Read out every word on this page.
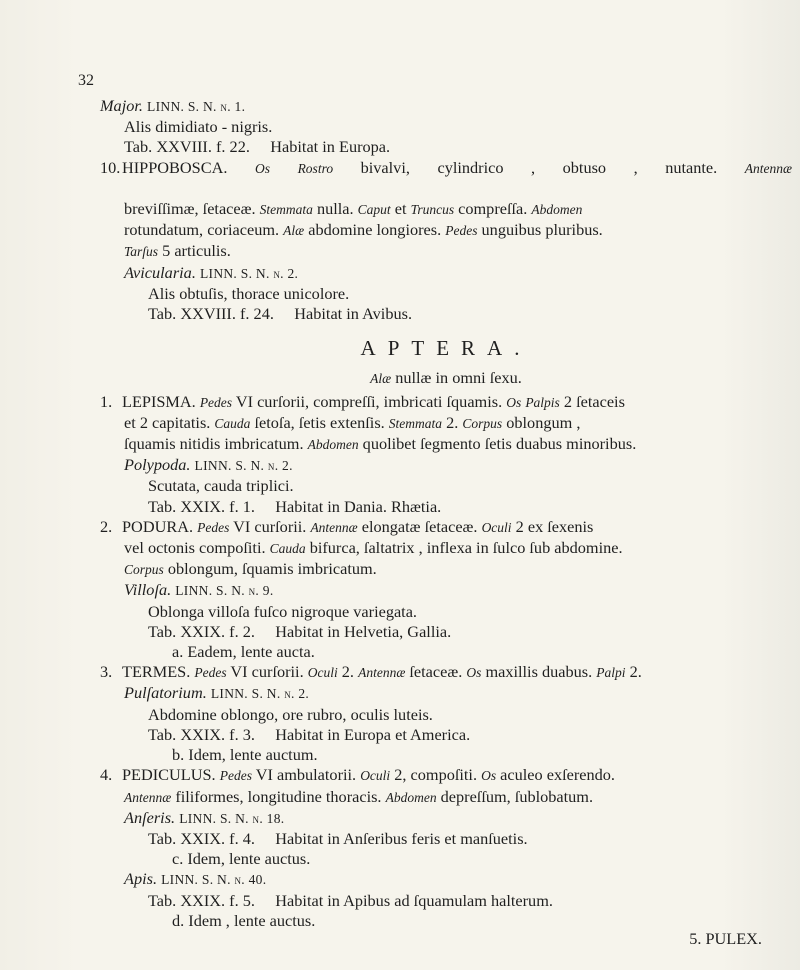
32
Major. LINN. S. N. n. 1.
Alis dimidiato - nigris.
Tab. XXVIII. f. 22. Habitat in Europa.
10. HIPPOBOSCA. Os Rostro bivalvi, cylindrico , obtuso , nutante. Antennæ
breviſſimæ, ſetaceæ. Stemmata nulla. Caput et Truncus compreſſa. Abdomen
rotundatum, coriaceum. Alæ abdomine longiores. Pedes unguibus pluribus.
Tarſus 5 articulis.
Avicularia. LINN. S. N. n. 2.
Alis obtuſis, thorace unicolore.
Tab. XXVIII. f. 24. Habitat in Avibus.
APTERA.
Alæ nullæ in omni ſexu.
1. LEPISMA. Pedes VI curſorii, compreſſi, imbricati ſquamis. Os Palpis 2 ſetaceis
et 2 capitatis. Cauda ſetoſa, ſetis extenſis. Stemmata 2. Corpus oblongum ,
ſquamis nitidis imbricatum. Abdomen quolibet ſegmento ſetis duabus minoribus.
Polypoda. LINN. S. N. n. 2.
Scutata, cauda triplici.
Tab. XXIX. f. 1. Habitat in Dania. Rhætia.
2. PODURA. Pedes VI curſorii. Antennæ elongatæ ſetaceæ. Oculi 2 ex ſexenis
vel octonis compoſiti. Cauda bifurca, ſaltatrix , inflexa in ſulco ſub abdomine.
Corpus oblongum, ſquamis imbricatum.
Villoſa. LINN. S. N. n. 9.
Oblonga villoſa fuſco nigroque variegata.
Tab. XXIX. f. 2. Habitat in Helvetia, Gallia.
a. Eadem, lente aucta.
3. TERMES. Pedes VI curſorii. Oculi 2. Antennæ ſetaceæ. Os maxillis duabus. Palpi 2.
Pulſatorium. LINN. S. N. n. 2.
Abdomine oblongo, ore rubro, oculis luteis.
Tab. XXIX. f. 3. Habitat in Europa et America.
b. Idem, lente auctum.
4. PEDICULUS. Pedes VI ambulatorii. Oculi 2, compoſiti. Os aculeo exſerendo.
Antennæ filiformes, longitudine thoracis. Abdomen depreſſum, ſublobatum.
Anſeris. LINN. S. N. n. 18.
Tab. XXIX. f. 4. Habitat in Anſeribus feris et manſuetis.
c. Idem, lente auctus.
Apis. LINN. S. N. n. 40.
Tab. XXIX. f. 5. Habitat in Apibus ad ſquamulam halterum.
d. Idem , lente auctus.
5. PULEX.
